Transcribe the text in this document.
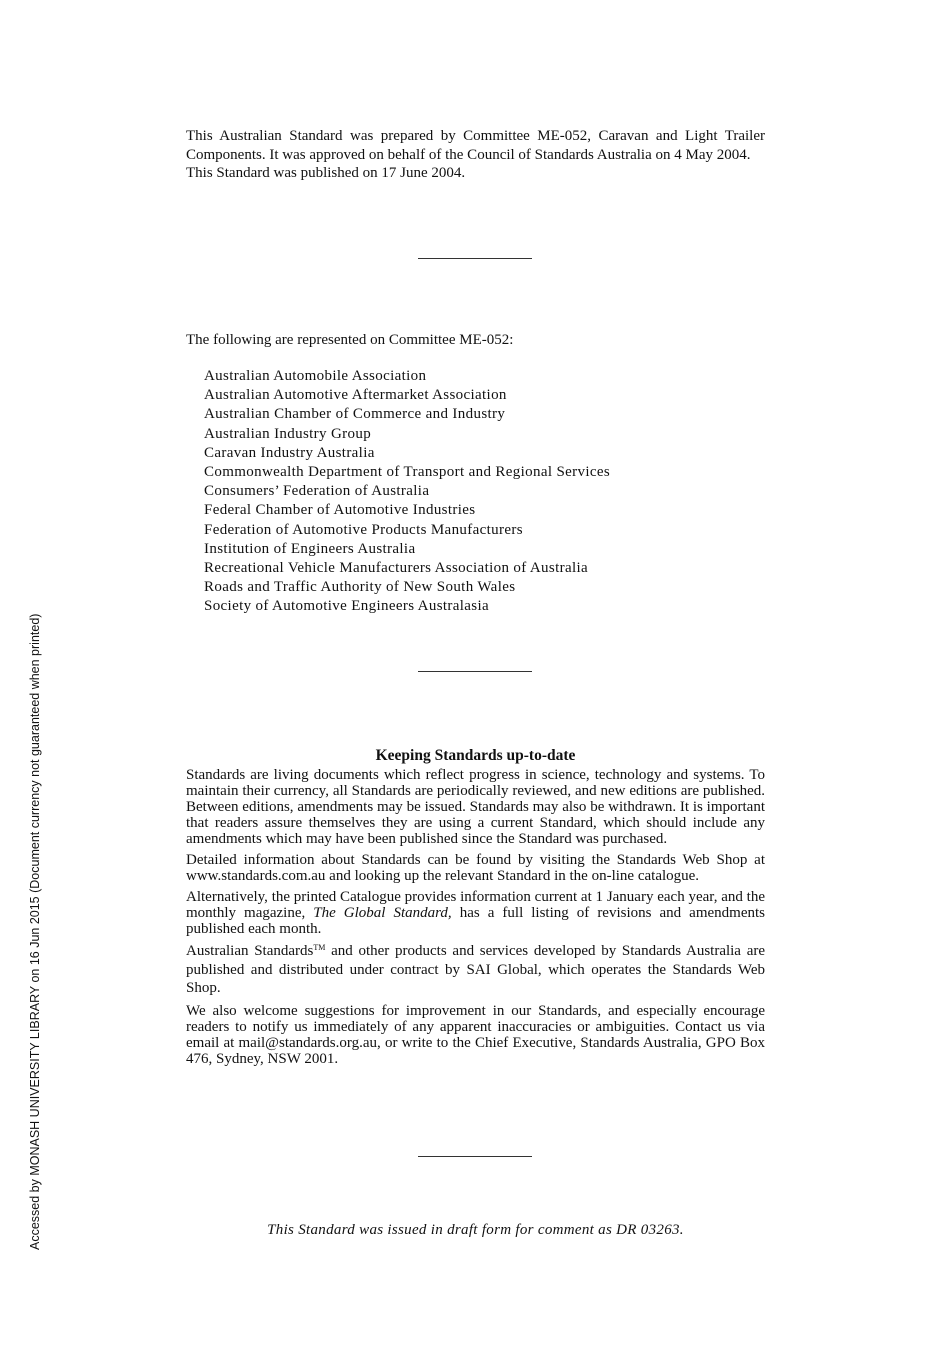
This Australian Standard was prepared by Committee ME-052, Caravan and Light Trailer Components. It was approved on behalf of the Council of Standards Australia on 4 May 2004.

This Standard was published on 17 June 2004.

The following are represented on Committee ME-052:
Australian Automobile Association
Australian Automotive Aftermarket Association
Australian Chamber of Commerce and Industry
Australian Industry Group
Caravan Industry Australia
Commonwealth Department of Transport and Regional Services
Consumers’ Federation of Australia
Federal Chamber of Automotive Industries
Federation of Automotive Products Manufacturers
Institution of Engineers Australia
Recreational Vehicle Manufacturers Association of Australia
Roads and Traffic Authority of New South Wales
Society of Automotive Engineers Australasia
Keeping Standards up-to-date

Standards are living documents which reflect progress in science, technology and systems. To maintain their currency, all Standards are periodically reviewed, and new editions are published. Between editions, amendments may be issued. Standards may also be withdrawn. It is important that readers assure themselves they are using a current Standard, which should include any amendments which may have been published since the Standard was purchased.

Detailed information about Standards can be found by visiting the Standards Web Shop at www.standards.com.au and looking up the relevant Standard in the on-line catalogue.

Alternatively, the printed Catalogue provides information current at 1 January each year, and the monthly magazine, The Global Standard, has a full listing of revisions and amendments published each month.

Australian Standards™ and other products and services developed by Standards Australia are published and distributed under contract by SAI Global, which operates the Standards Web Shop.

We also welcome suggestions for improvement in our Standards, and especially encourage readers to notify us immediately of any apparent inaccuracies or ambiguities. Contact us via email at mail@standards.org.au, or write to the Chief Executive, Standards Australia, GPO Box 476, Sydney, NSW 2001.

This Standard was issued in draft form for comment as DR 03263.
Accessed by MONASH UNIVERSITY LIBRARY on 16 Jun 2015 (Document currency not guaranteed when printed)
